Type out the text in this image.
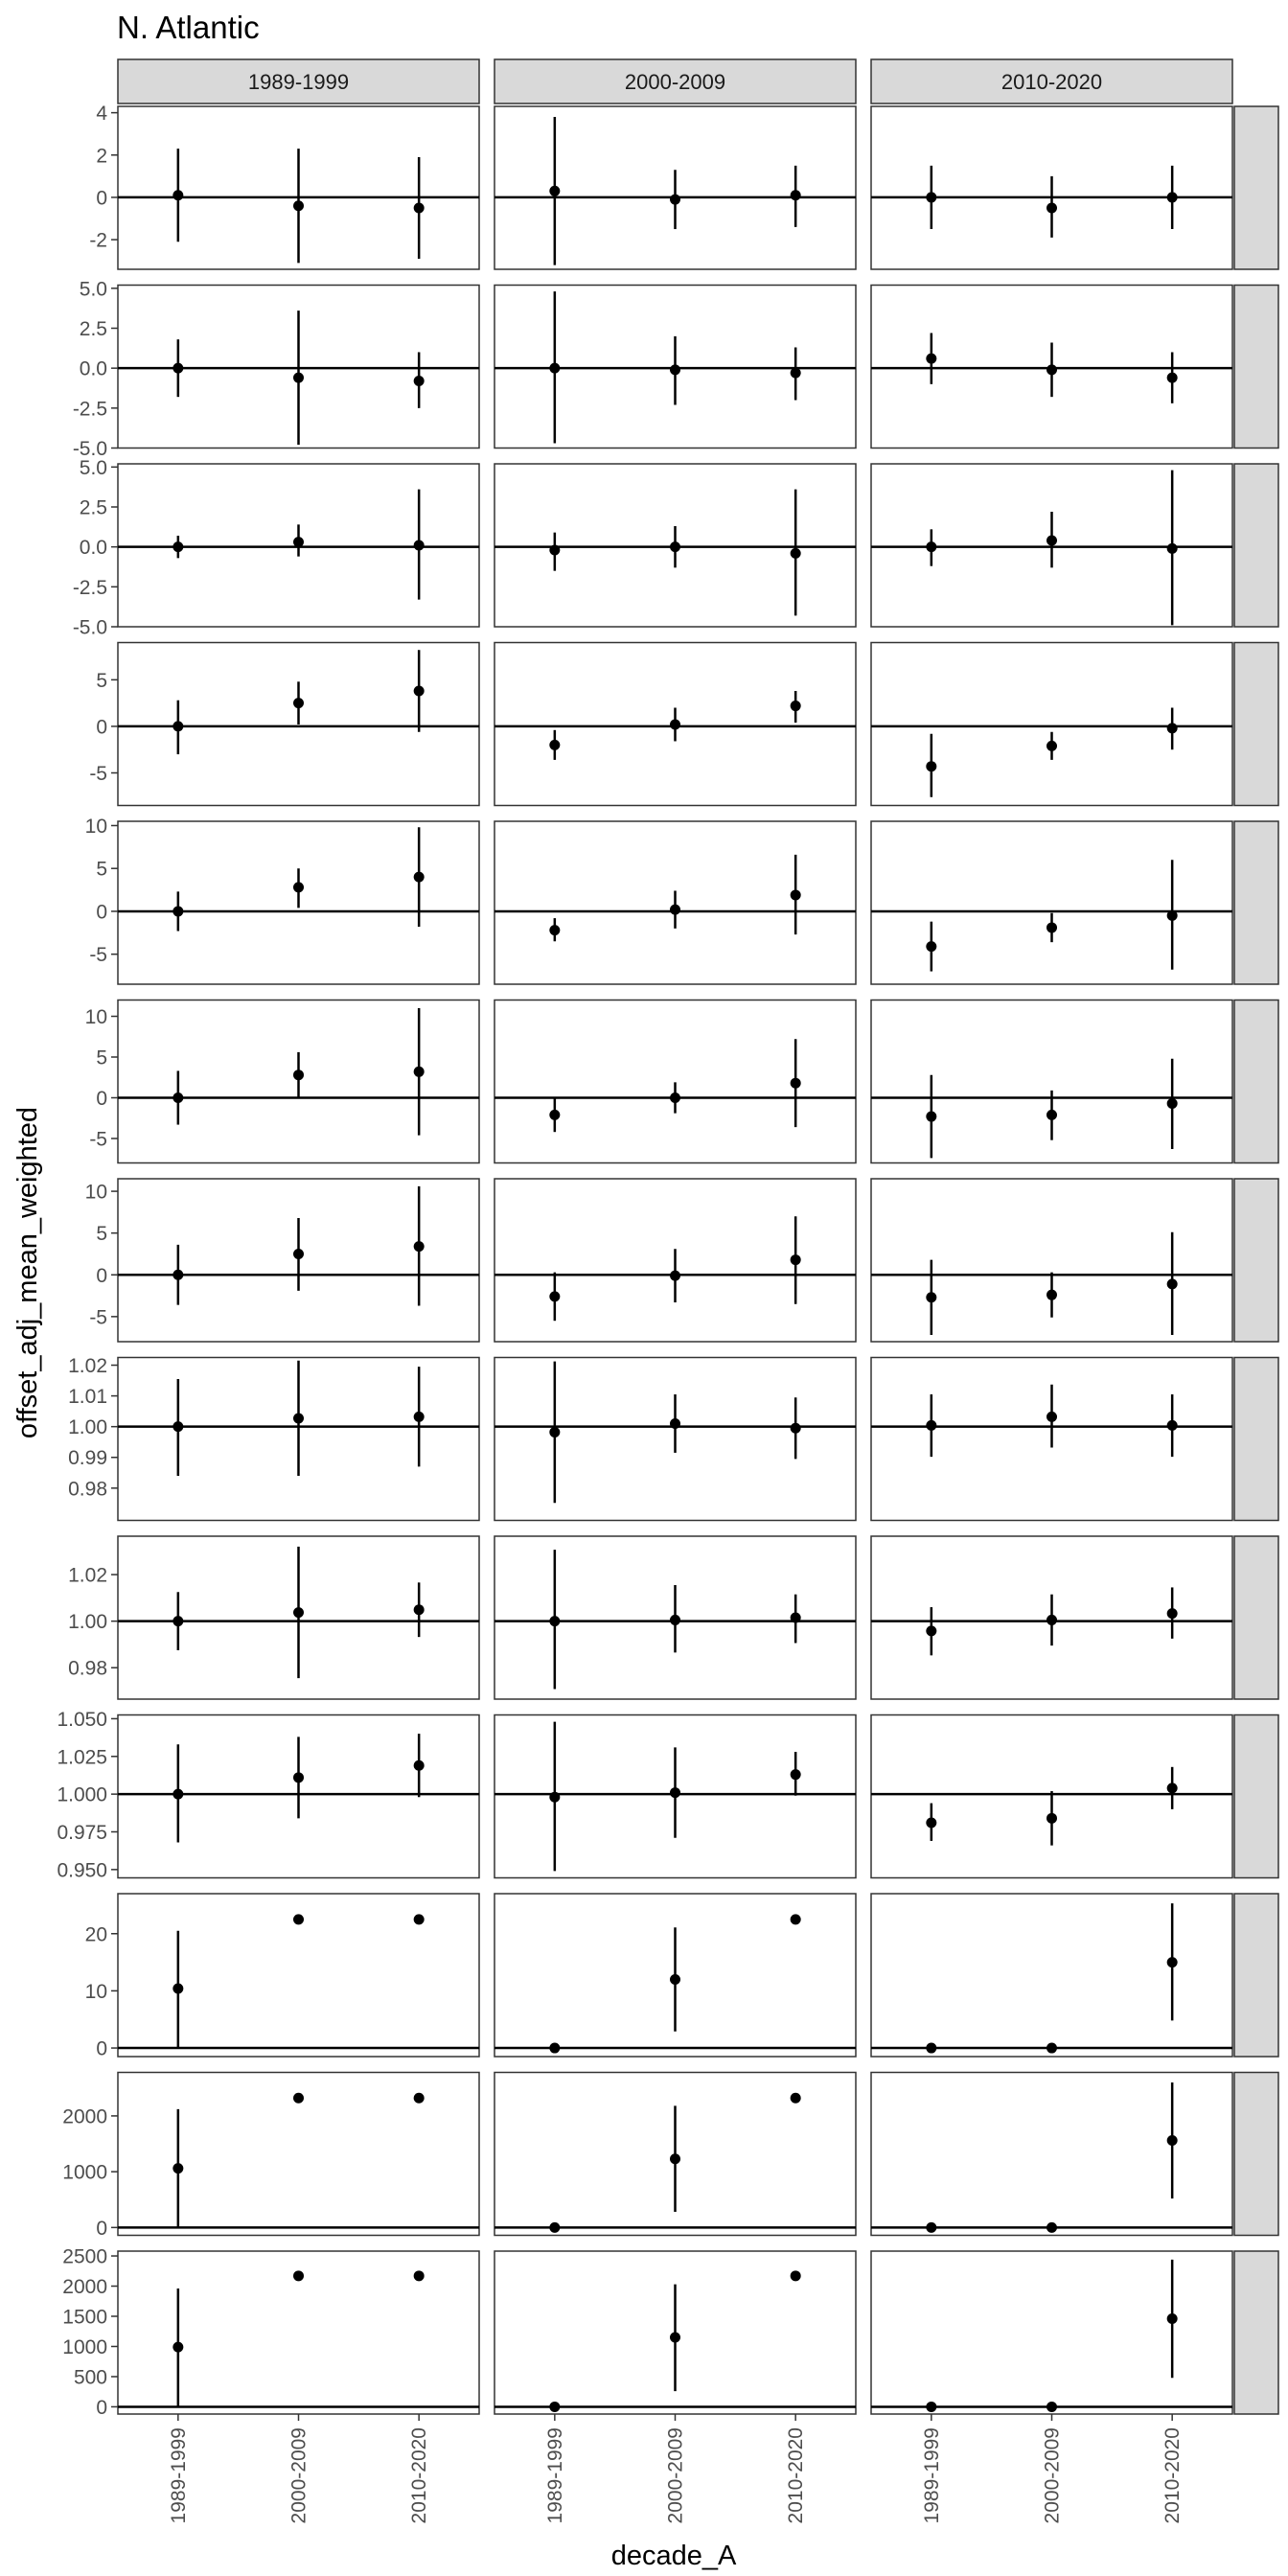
N. Atlantic
decade_A
offset_adj_mean_weighted
1989-1999	2000-2009	2010-2020
-2
0
2
4
-5.0
-2.5
0.0
2.5
5.0
-5.0
-2.5
0.0
2.5
5.0
-5
0
5
-5
0
5
10
-5
0
5
10
-5
0
5
10
0.98
0.99
1.00
1.01
1.02
0.98
1.00
1.02
0.950
0.975
1.000
1.025
1.050
0
10
20
0
1000
2000
0
500
1000
1500
2000
2500
1989-1999	2000-2009	2010-2020	1989-1999	2000-2009	2010-2020	1989-1999	2000-2009	2010-2020
